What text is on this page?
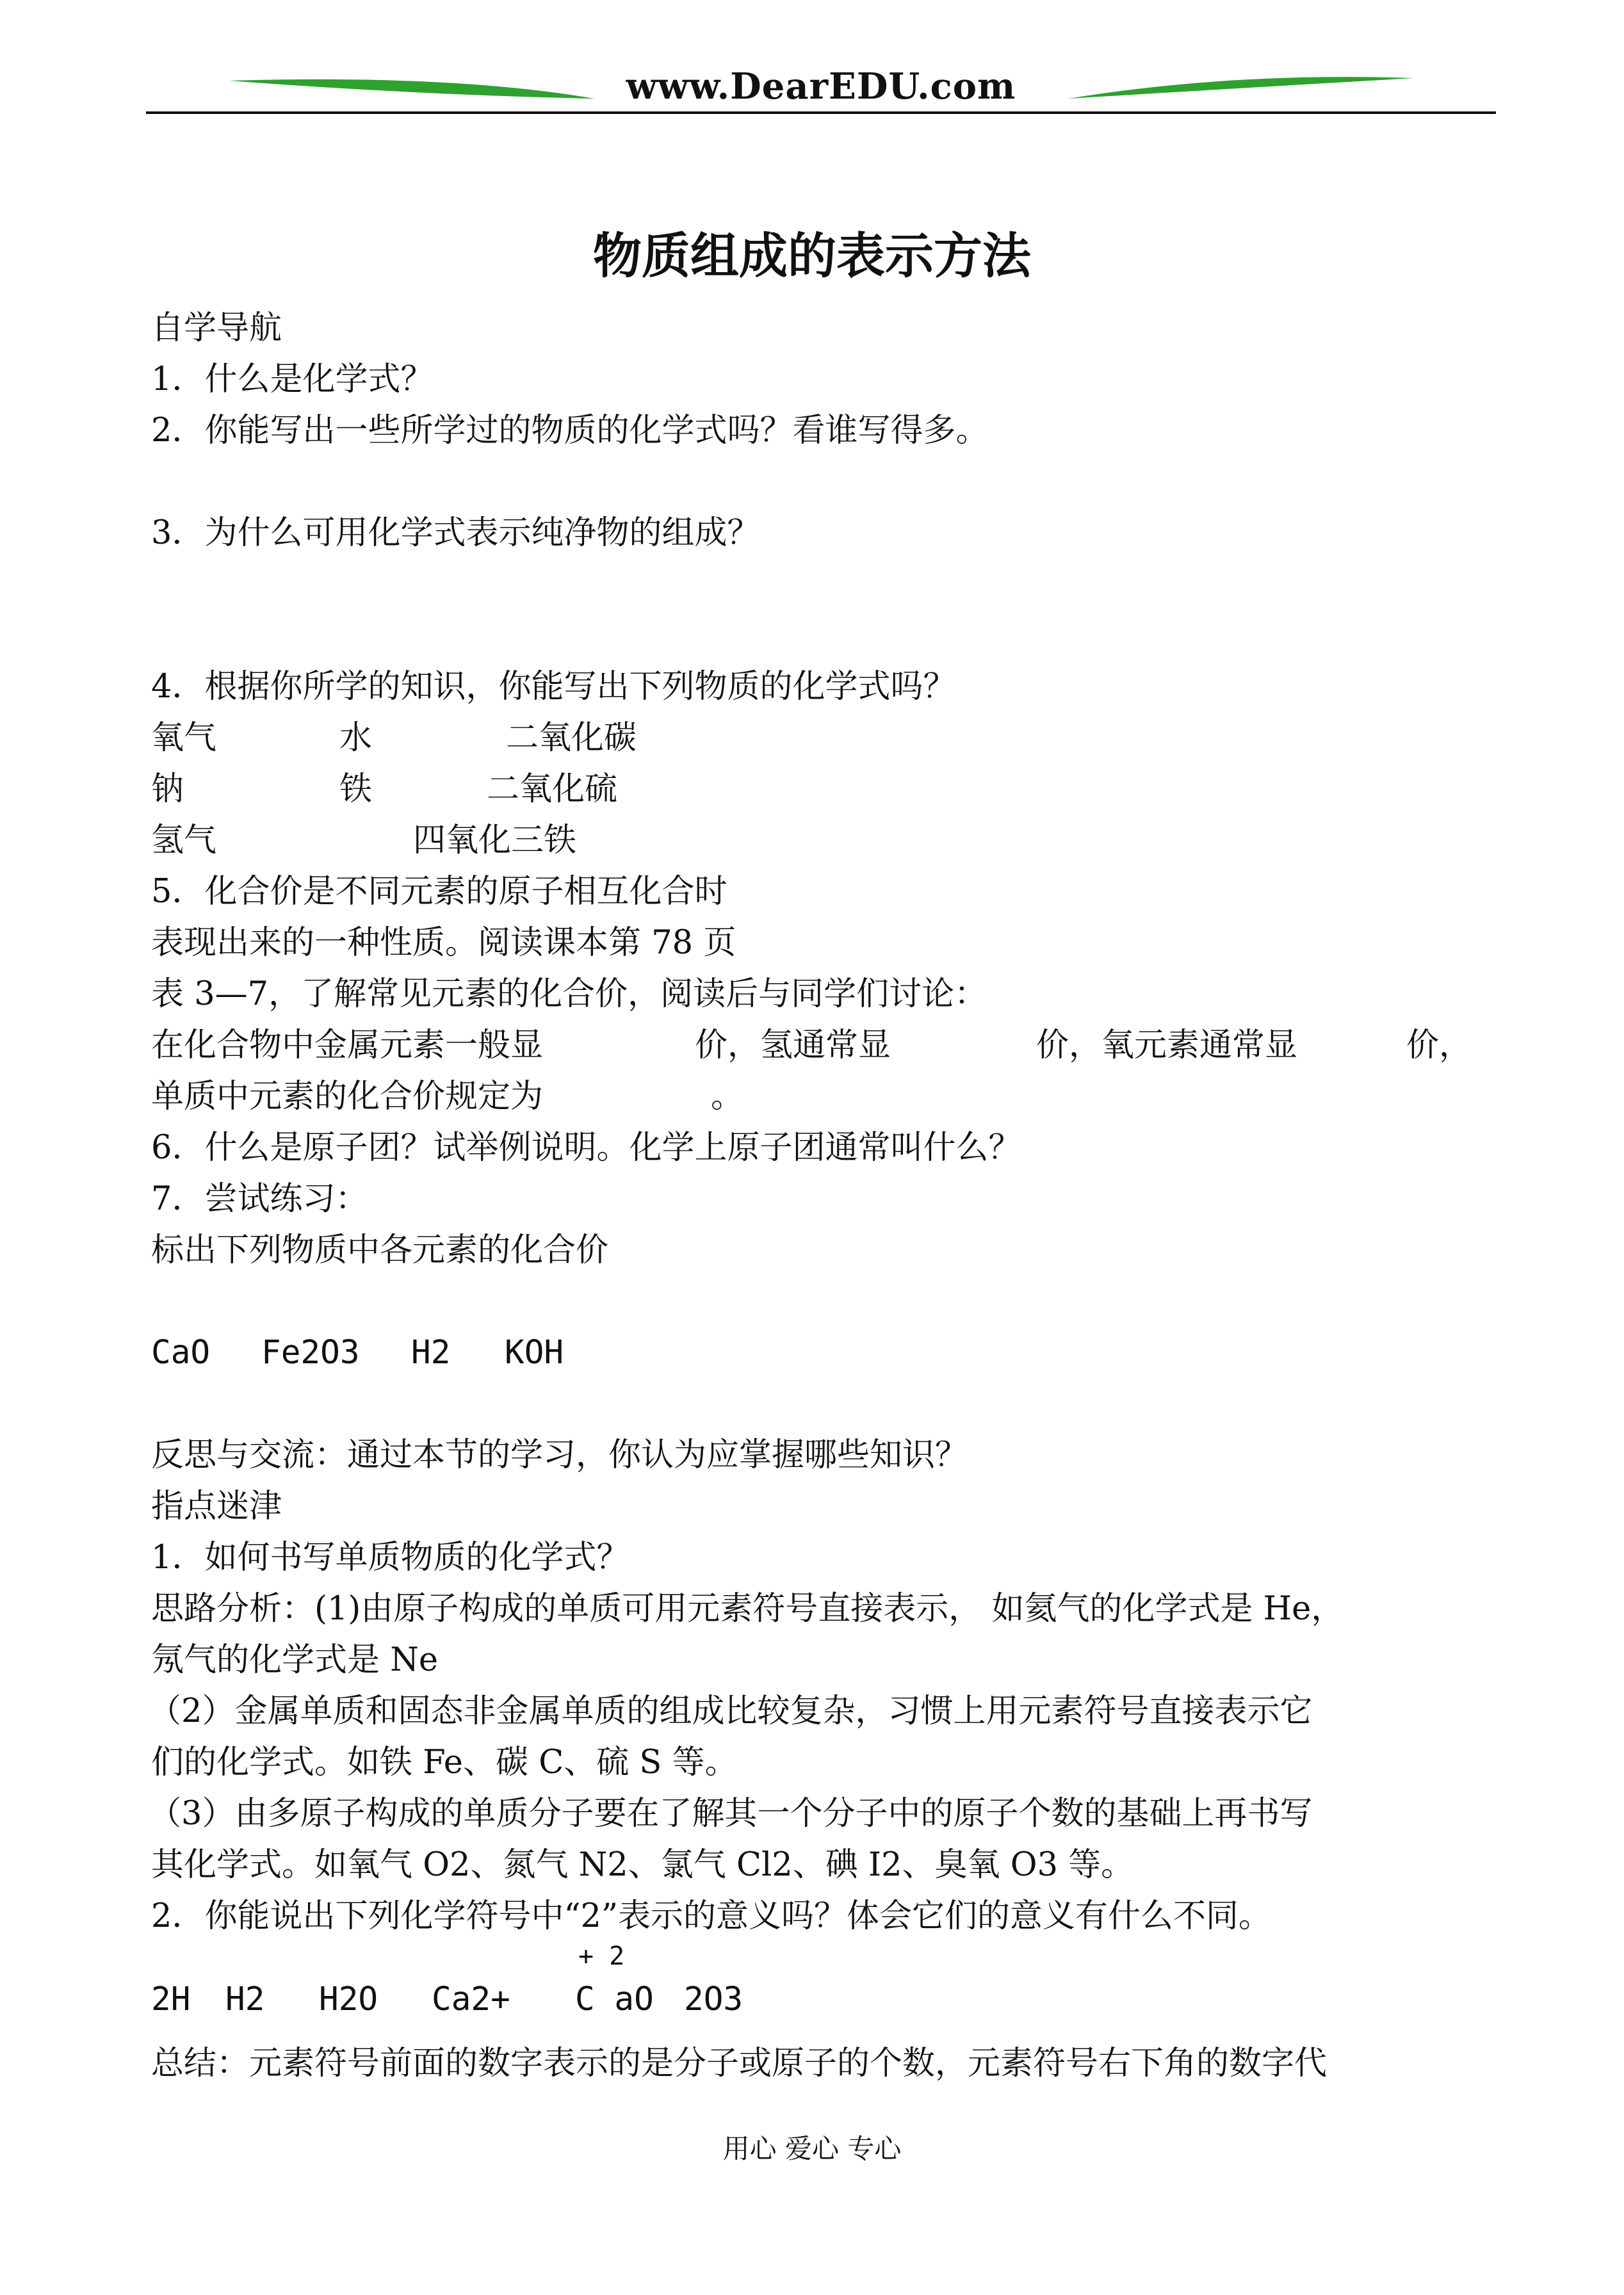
www.DearEDU.com
物质组成的表示方法
自学导航
1．什么是化学式？
2．你能写出一些所学过的物质的化学式吗？看谁写得多。
3．为什么可用化学式表示纯净物的组成？
4．根据你所学的知识，你能写出下列物质的化学式吗？
氧气	水	二氧化碳
钠	铁	二氧化硫
氢气	四氧化三铁
5．化合价是不同元素的原子相互化合时
表现出来的一种性质。阅读课本第 78 页
表 3—7，了解常见元素的化合价，阅读后与同学们讨论：
在化合物中金属元素一般显	价，氢通常显	价，氧元素通常显	价，
单质中元素的化合价规定为	。
6．什么是原子团？试举例说明。化学上原子团通常叫什么？
7．尝试练习：
标出下列物质中各元素的化合价
CaO Fe2O3 H2 KOH
反思与交流：通过本节的学习，你认为应掌握哪些知识？
指点迷津
1．如何书写单质物质的化学式？
思路分析：(1)由原子构成的单质可用元素符号直接表示， 如氦气的化学式是 He，
氖气的化学式是 Ne
（2）金属单质和固态非金属单质的组成比较复杂，习惯上用元素符号直接表示它
们的化学式。如铁 Fe、碳 C、硫 S 等。
（3）由多原子构成的单质分子要在了解其一个分子中的原子个数的基础上再书写
其化学式。如氧气 O2、氮气 N2、氯气 Cl2、碘 I2、臭氧 O3 等。
2．你能说出下列化学符号中“2”表示的意义吗？体会它们的意义有什么不同。
+ 2
2H H2 H2O Ca2+ C aO 2O3
总结：元素符号前面的数字表示的是分子或原子的个数，元素符号右下角的数字代
用心 爱心 专心
